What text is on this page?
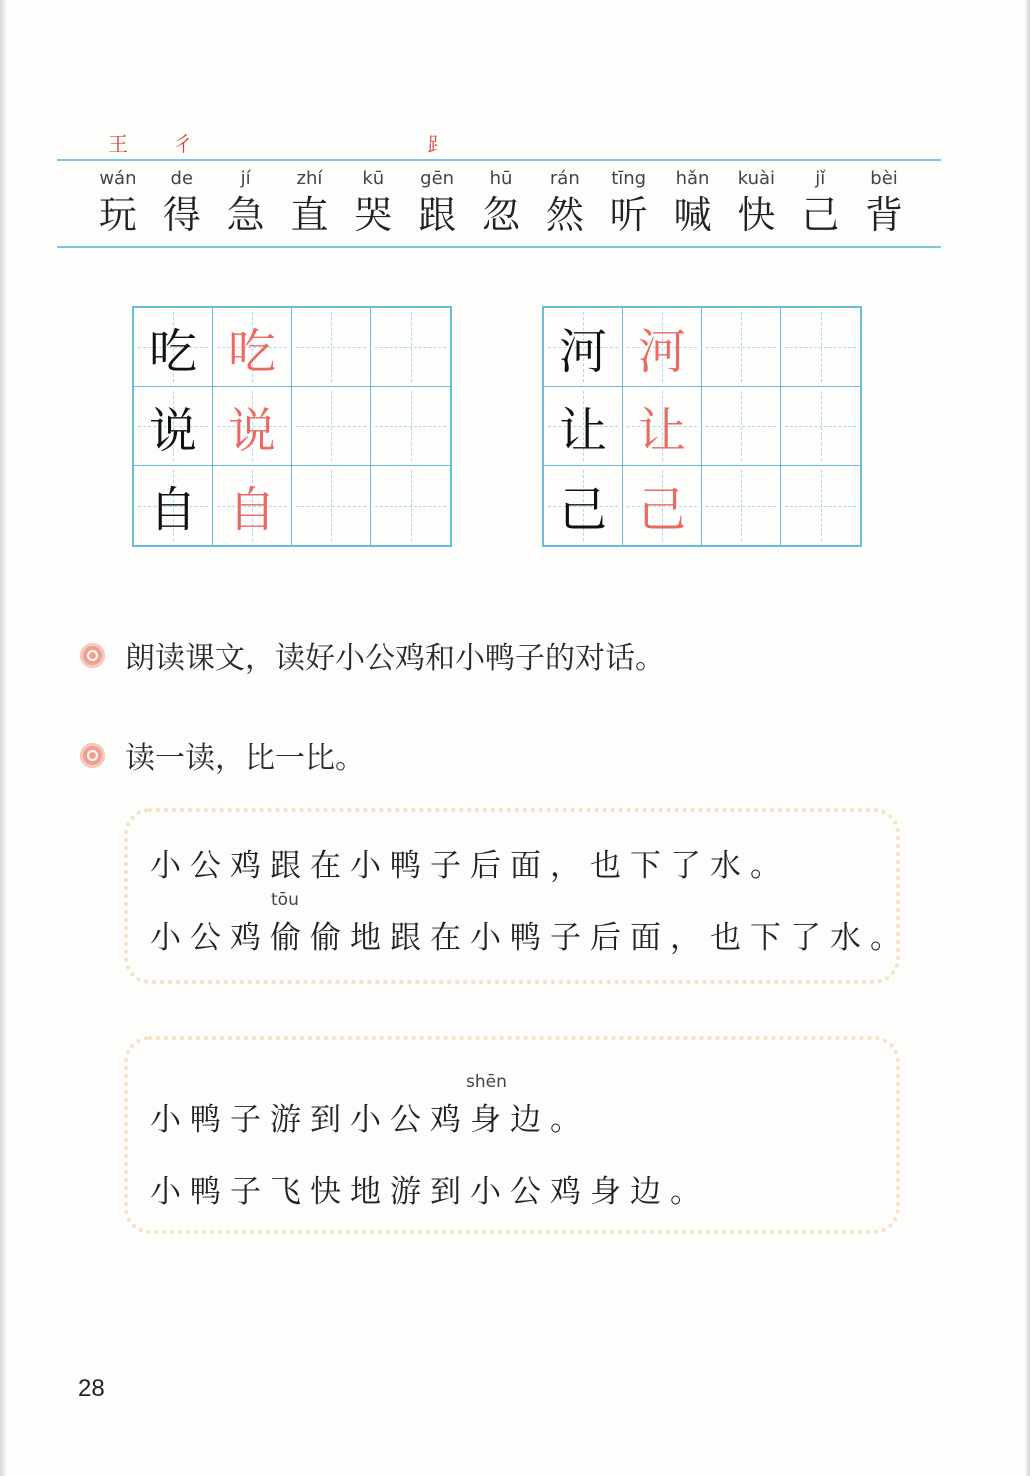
王 彳	⻊
wán
玩
de
得
jí
急
zhí
直
kū
哭
gēn
跟
hū
忽
rán
然
tīng
听
hǎn
喊
kuài
快
jǐ
己
bèi
背
吃 吃
说 说
自 自
河 河
让 让
己 己
朗读课文，读好小公鸡和小鸭子的对话。
读一读，比一比。
小公鸡跟在小鸭子后面，也下了水。
tōu
小公鸡偷偷地跟在小鸭子后面，也下了水。
shēn
小鸭子游到小公鸡身边。
小鸭子飞快地游到小公鸡身边。
28
